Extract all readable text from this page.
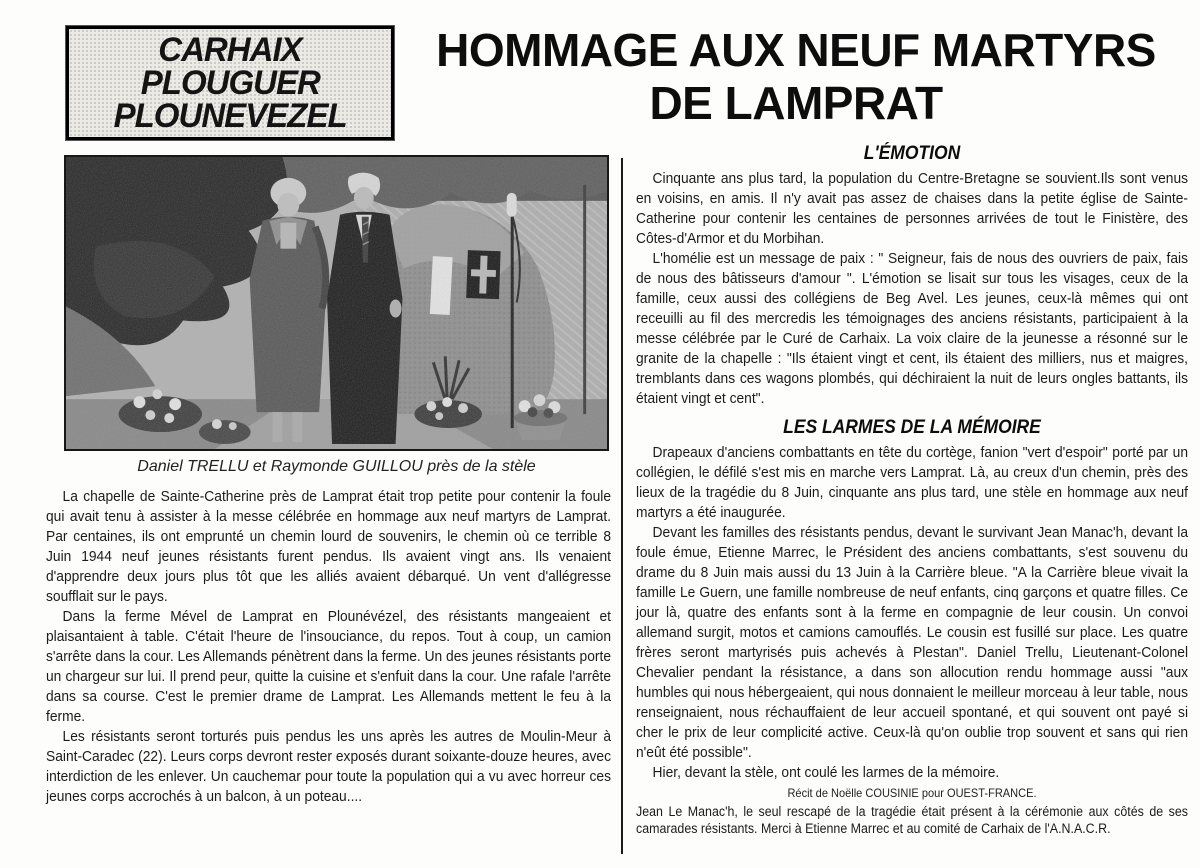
CARHAIX
PLOUGUER
PLOUNEVEZEL
HOMMAGE AUX NEUF MARTYRS
DE LAMPRAT
Daniel TRELLU et Raymonde GUILLOU près de la stèle

La chapelle de Sainte-Catherine près de Lamprat était trop petite pour contenir la foule qui avait tenu à assister à la messe célébrée en hommage aux neuf martyrs de Lamprat. Par centaines, ils ont emprunté un chemin lourd de souvenirs, le chemin où ce terrible 8 Juin 1944 neuf jeunes résistants furent pendus. Ils avaient vingt ans. Ils venaient d'apprendre deux jours plus tôt que les alliés avaient débarqué. Un vent d'allégresse soufflait sur le pays.

Dans la ferme Mével de Lamprat en Plounévézel, des résistants mangeaient et plaisantaient à table. C'était l'heure de l'insouciance, du repos. Tout à coup, un camion s'arrête dans la cour. Les Allemands pénètrent dans la ferme. Un des jeunes résistants porte un chargeur sur lui. Il prend peur, quitte la cuisine et s'enfuit dans la cour. Une rafale l'arrête dans sa course. C'est le premier drame de Lamprat. Les Allemands mettent le feu à la ferme.

Les résistants seront torturés puis pendus les uns après les autres de Moulin-Meur à Saint-Caradec (22). Leurs corps devront rester exposés durant soixante-douze heures, avec interdiction de les enlever. Un cauchemar pour toute la population qui a vu avec horreur ces jeunes corps accrochés à un balcon, à un poteau....

L'ÉMOTION

Cinquante ans plus tard, la population du Centre-Bretagne se souvient.Ils sont venus en voisins, en amis. Il n'y avait pas assez de chaises dans la petite église de Sainte-Catherine pour contenir les centaines de personnes arrivées de tout le Finistère, des Côtes-d'Armor et du Morbihan.

L'homélie est un message de paix : " Seigneur, fais de nous des ouvriers de paix, fais de nous des bâtisseurs d'amour ". L'émotion se lisait sur tous les visages, ceux de la famille, ceux aussi des collégiens de Beg Avel. Les jeunes, ceux-là mêmes qui ont receuilli au fil des mercredis les témoignages des anciens résistants, participaient à la messe célébrée par le Curé de Carhaix. La voix claire de la jeunesse a résonné sur le granite de la chapelle : "Ils étaient vingt et cent, ils étaient des milliers, nus et maigres, tremblants dans ces wagons plombés, qui déchiraient la nuit de leurs ongles battants, ils étaient vingt et cent".

LES LARMES DE LA MÉMOIRE

Drapeaux d'anciens combattants en tête du cortège, fanion "vert d'espoir" porté par un collégien, le défilé s'est mis en marche vers Lamprat. Là, au creux d'un chemin, près des lieux de la tragédie du 8 Juin, cinquante ans plus tard, une stèle en hommage aux neuf martyrs a été inaugurée.

Devant les familles des résistants pendus, devant le survivant Jean Manac'h, devant la foule émue, Etienne Marrec, le Président des anciens combattants, s'est souvenu du drame du 8 Juin mais aussi du 13 Juin à la Carrière bleue. "A la Carrière bleue vivait la famille Le Guern, une famille nombreuse de neuf enfants, cinq garçons et quatre filles. Ce jour là, quatre des enfants sont à la ferme en compagnie de leur cousin. Un convoi allemand surgit, motos et camions camouflés. Le cousin est fusillé sur place. Les quatre frères seront martyrisés puis achevés à Plestan". Daniel Trellu, Lieutenant-Colonel Chevalier pendant la résistance, a dans son allocution rendu hommage aussi "aux humbles qui nous hébergeaient, qui nous donnaient le meilleur morceau à leur table, nous renseignaient, nous réchauffaient de leur accueil spontané, et qui souvent ont payé si cher le prix de leur complicité active. Ceux-là qu'on oublie trop souvent et sans qui rien n'eût été possible".

Hier, devant la stèle, ont coulé les larmes de la mémoire.

Récit de Noëlle COUSINIE pour OUEST-FRANCE.
Jean Le Manac'h, le seul rescapé de la tragédie était présent à la cérémonie aux côtés de ses camarades résistants. Merci à Etienne Marrec et au comité de Carhaix de l'A.N.A.C.R.
